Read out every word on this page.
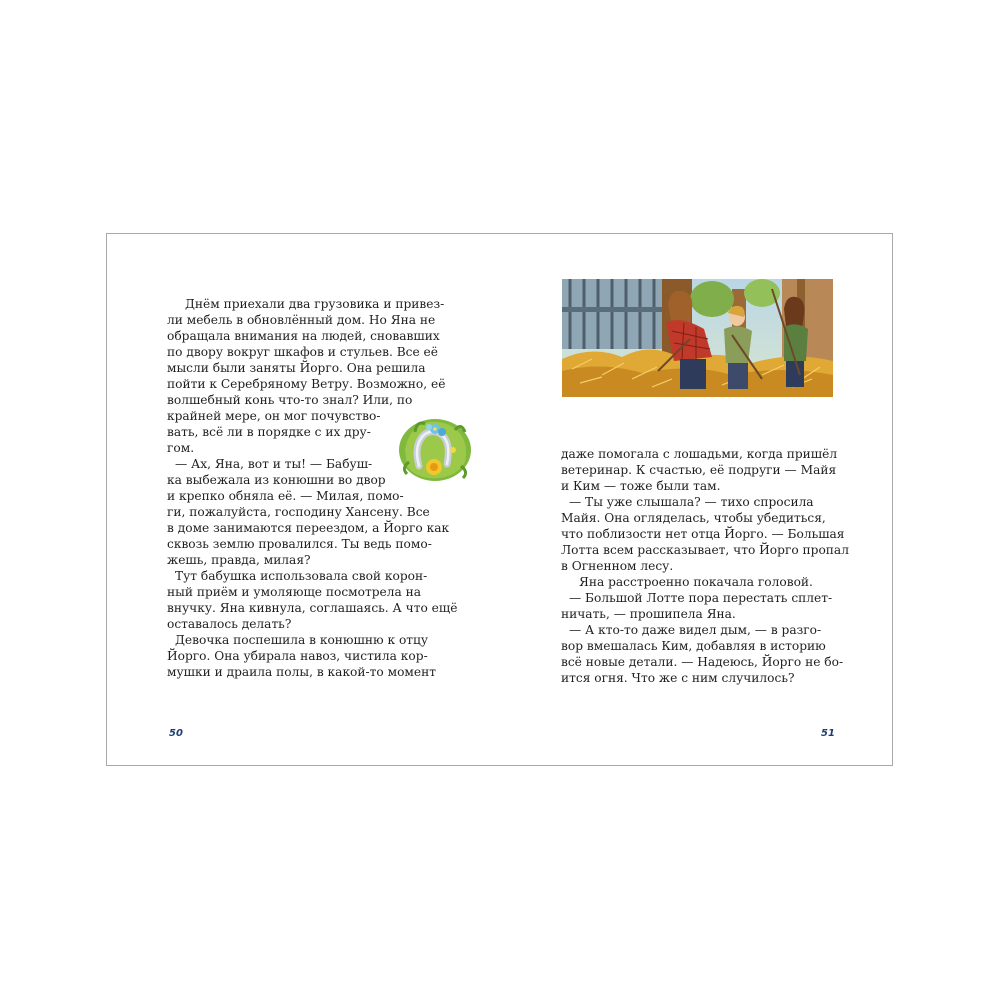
Днём приехали два грузовика и привез-

ли мебель в обновлённый дом. Но Яна не

обращала внимания на людей, сновавших

по двору вокруг шкафов и стульев. Все её

мысли были заняты Йорго. Она решила

пойти к Серебряному Ветру. Возможно, её

волшебный конь что-то знал? Или, по

крайней мере, он мог почувство-

вать, всё ли в порядке с их дру-

гом.

— Ах, Яна, вот и ты! — Бабуш-

ка выбежала из конюшни во двор

и крепко обняла её. — Милая, помо-

ги, пожалуйста, господину Хансену. Все

в доме занимаются переездом, а Йорго как

сквозь землю провалился. Ты ведь помо-

жешь, правда, милая?

Тут бабушка использовала свой корон-

ный приём и умоляюще посмотрела на

внучку. Яна кивнула, соглашаясь. А что ещё

оставалось делать?

Девочка поспешила в конюшню к отцу

Йорго. Она убирала навоз, чистила кор-

мушки и драила полы, в какой-то момент

50

даже помогала с лошадьми, когда пришёл

ветеринар. К счастью, её подруги — Майя

и Ким — тоже были там.

— Ты уже слышала? — тихо спросила

Майя. Она огляделась, чтобы убедиться,

что поблизости нет отца Йорго. — Большая

Лотта всем рассказывает, что Йорго пропал

в Огненном лесу.

Яна расстроенно покачала головой.

— Большой Лотте пора перестать сплет-

ничать, — прошипела Яна.

— А кто-то даже видел дым, — в разго-

вор вмешалась Ким, добавляя в историю

всё новые детали. — Надеюсь, Йорго не бо-

ится огня. Что же с ним случилось?

51
